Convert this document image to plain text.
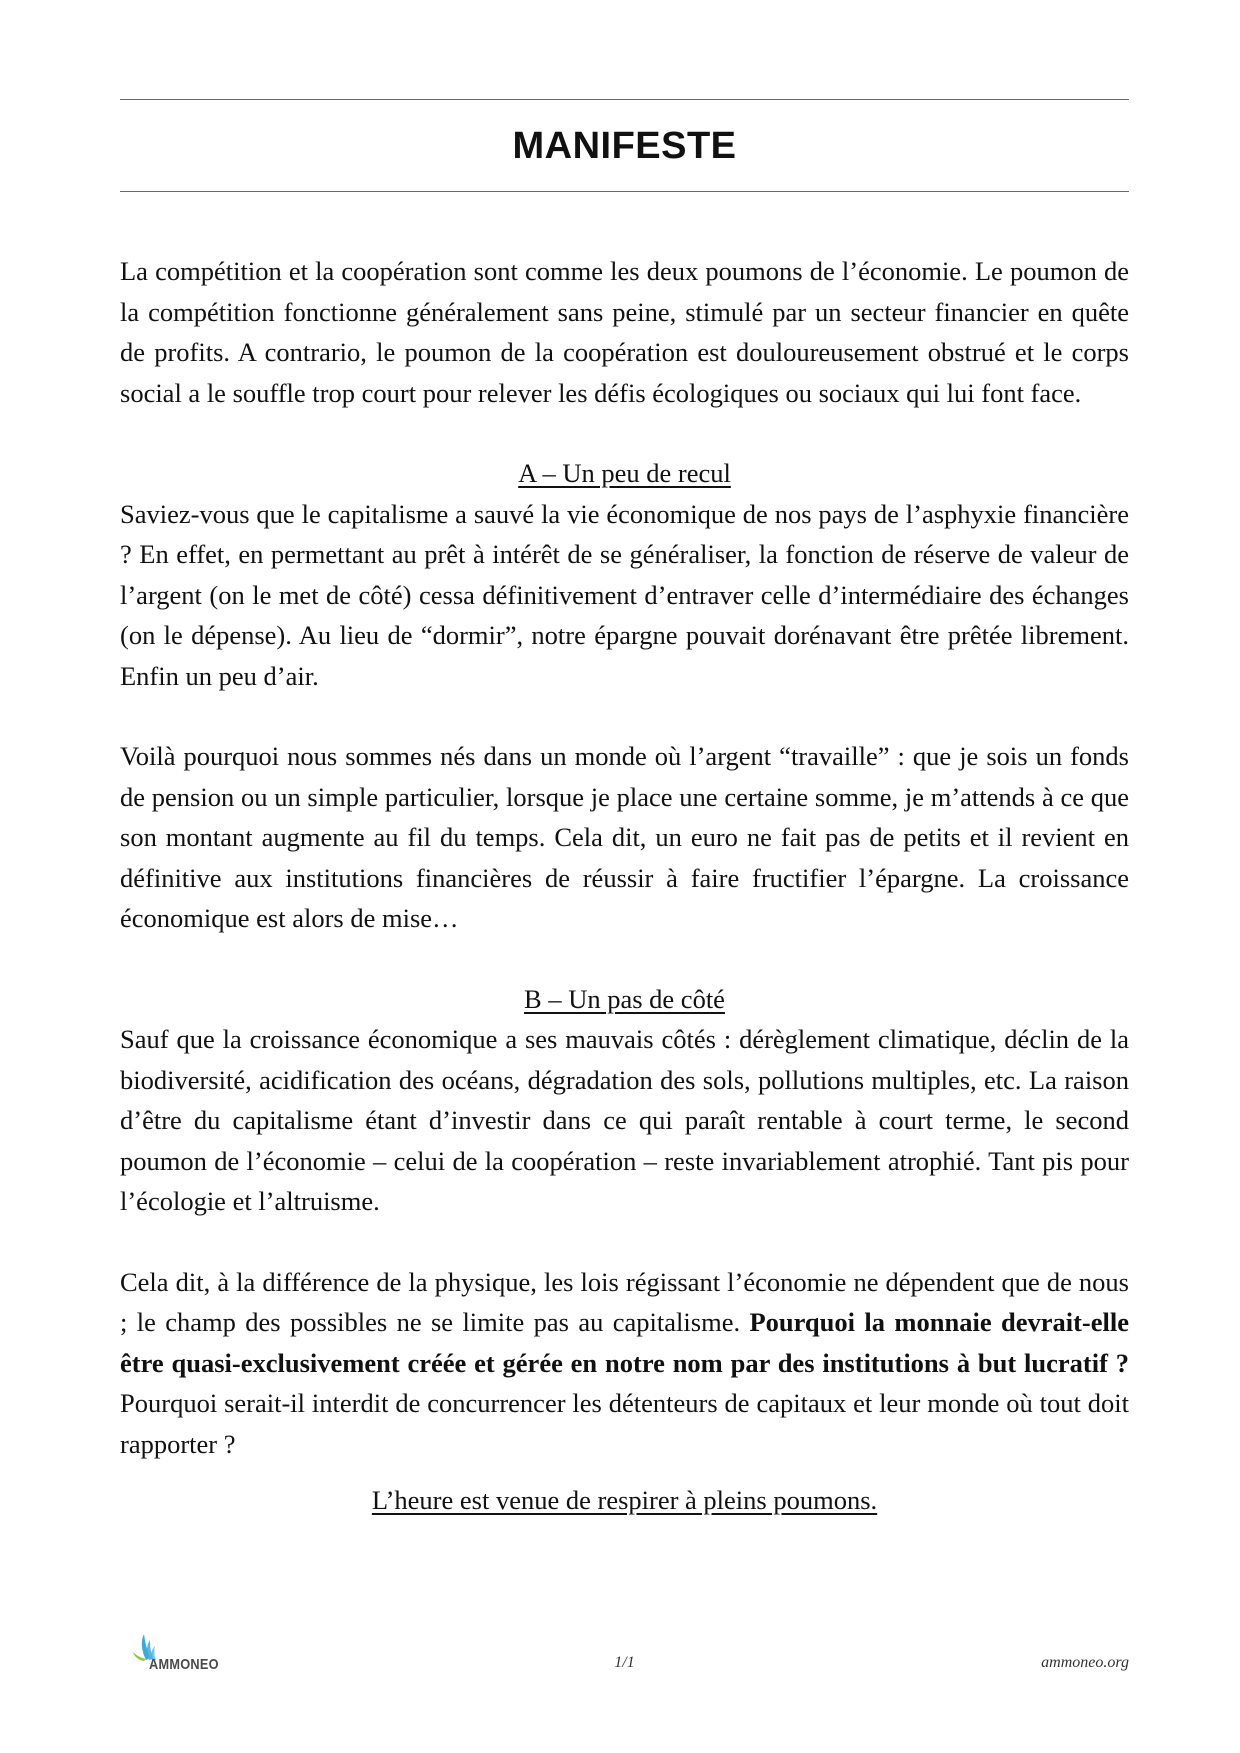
MANIFESTE

La compétition et la coopération sont comme les deux poumons de l’économie. Le poumon de la compétition fonctionne généralement sans peine, stimulé par un secteur financier en quête de profits. A contrario, le poumon de la coopération est douloureusement obstrué et le corps social a le souffle trop court pour relever les défis écologiques ou sociaux qui lui font face.

A – Un peu de recul

Saviez-vous que le capitalisme a sauvé la vie économique de nos pays de l’asphyxie financière ? En effet, en permettant au prêt à intérêt de se généraliser, la fonction de réserve de valeur de l’argent (on le met de côté) cessa définitivement d’entraver celle d’intermédiaire des échanges (on le dépense). Au lieu de “dormir”, notre épargne pouvait dorénavant être prêtée librement. Enfin un peu d’air.

Voilà pourquoi nous sommes nés dans un monde où l’argent “travaille” : que je sois un fonds de pension ou un simple particulier, lorsque je place une certaine somme, je m’attends à ce que son montant augmente au fil du temps. Cela dit, un euro ne fait pas de petits et il revient en définitive aux institutions financières de réussir à faire fructifier l’épargne. La croissance économique est alors de mise…

B – Un pas de côté

Sauf que la croissance économique a ses mauvais côtés : dérèglement climatique, déclin de la biodiversité, acidification des océans, dégradation des sols, pollutions multiples, etc. La raison d’être du capitalisme étant d’investir dans ce qui paraît rentable à court terme, le second poumon de l’économie – celui de la coopération – reste invariablement atrophié. Tant pis pour l’écologie et l’altruisme.

Cela dit, à la différence de la physique, les lois régissant l’économie ne dépendent que de nous ; le champ des possibles ne se limite pas au capitalisme. Pourquoi la monnaie devrait-elle être quasi-exclusivement créée et gérée en notre nom par des institutions à but lucratif ? Pourquoi serait-il interdit de concurrencer les détenteurs de capitaux et leur monde où tout doit rapporter ?

L’heure est venue de respirer à pleins poumons.

AMMONEO	1/1	ammoneo.org
